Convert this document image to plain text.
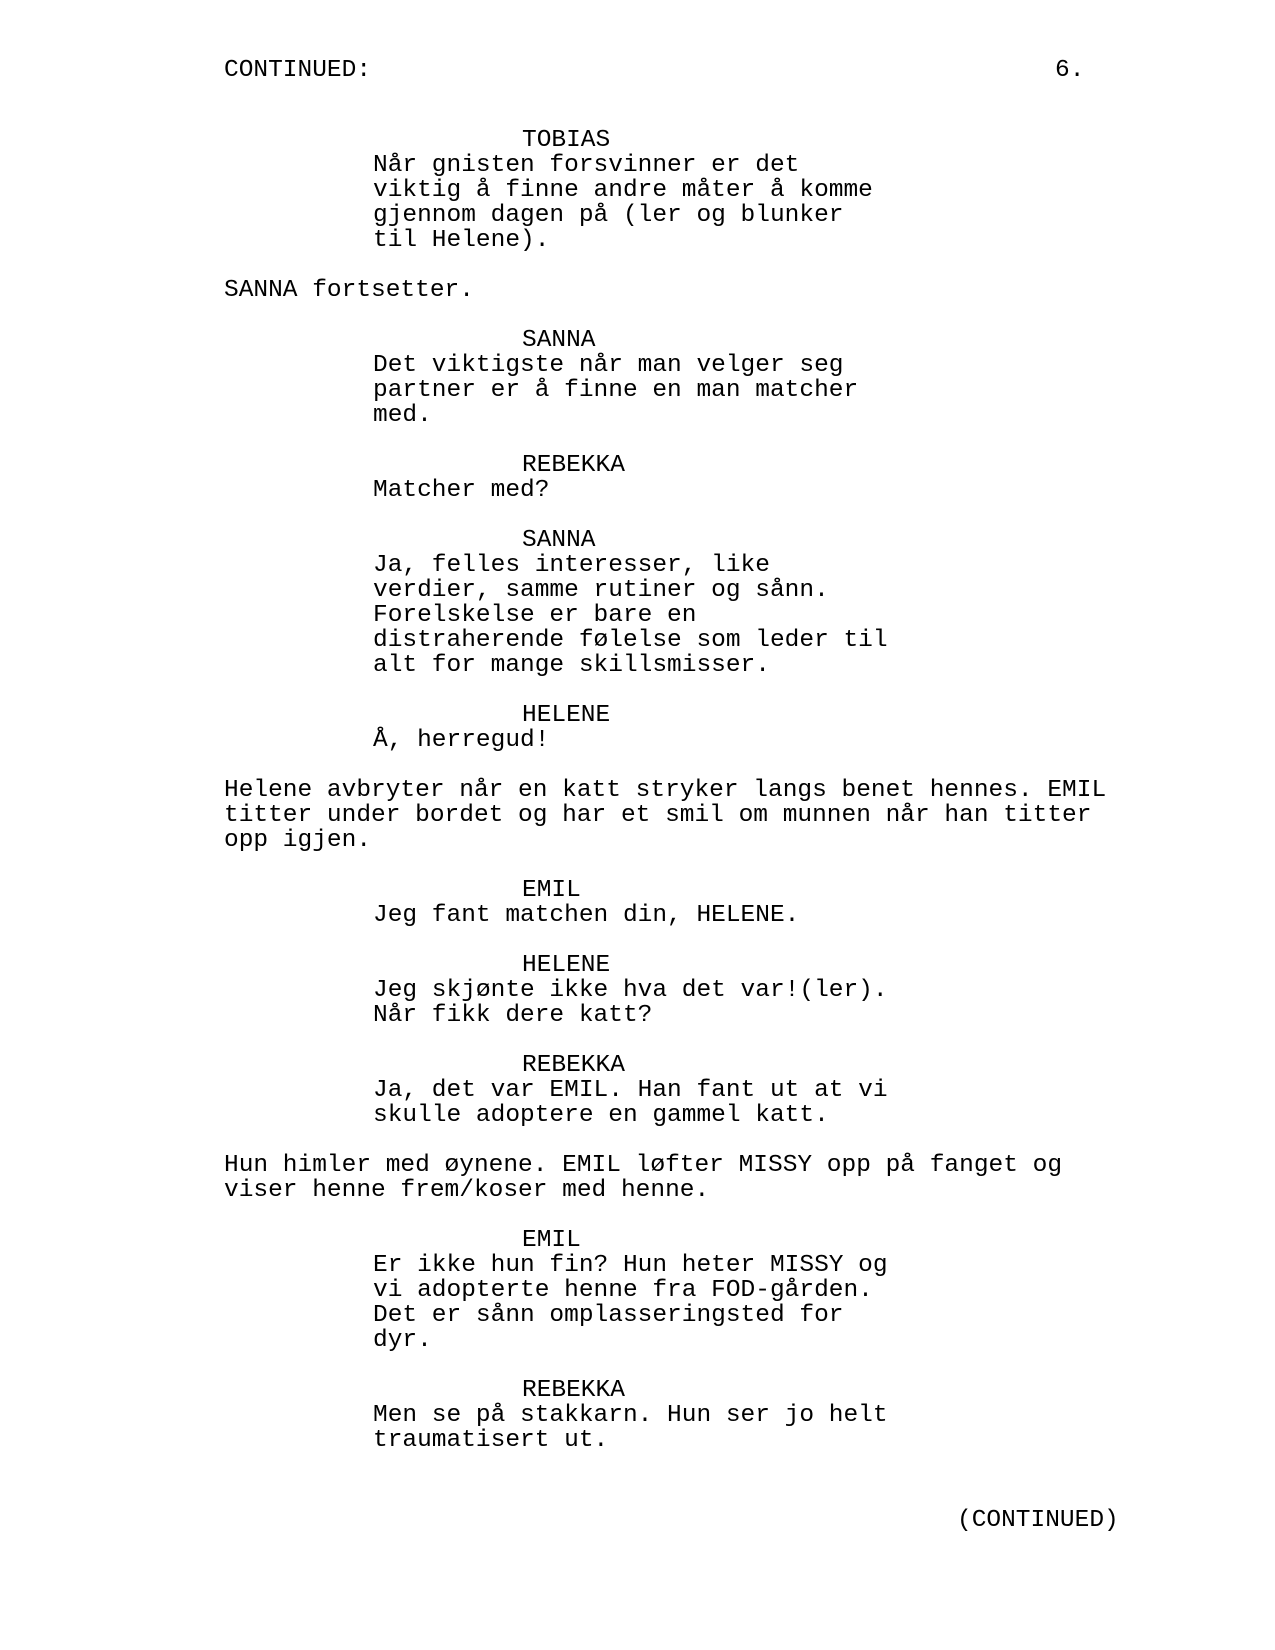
CONTINUED:	6.
TOBIAS
Når gnisten forsvinner er det
viktig å finne andre måter å komme
gjennom dagen på (ler og blunker
til Helene).
SANNA fortsetter.
SANNA
Det viktigste når man velger seg
partner er å finne en man matcher
med.
REBEKKA
Matcher med?
SANNA
Ja, felles interesser, like
verdier, samme rutiner og sånn.
Forelskelse er bare en
distraherende følelse som leder til
alt for mange skillsmisser.
HELENE
Å, herregud!
Helene avbryter når en katt stryker langs benet hennes. EMIL
titter under bordet og har et smil om munnen når han titter
opp igjen.
EMIL
Jeg fant matchen din, HELENE.
HELENE
Jeg skjønte ikke hva det var!(ler).
Når fikk dere katt?
REBEKKA
Ja, det var EMIL. Han fant ut at vi
skulle adoptere en gammel katt.
Hun himler med øynene. EMIL løfter MISSY opp på fanget og
viser henne frem/koser med henne.
EMIL
Er ikke hun fin? Hun heter MISSY og
vi adopterte henne fra FOD-gården.
Det er sånn omplasseringsted for
dyr.
REBEKKA
Men se på stakkarn. Hun ser jo helt
traumatisert ut.
(CONTINUED)
